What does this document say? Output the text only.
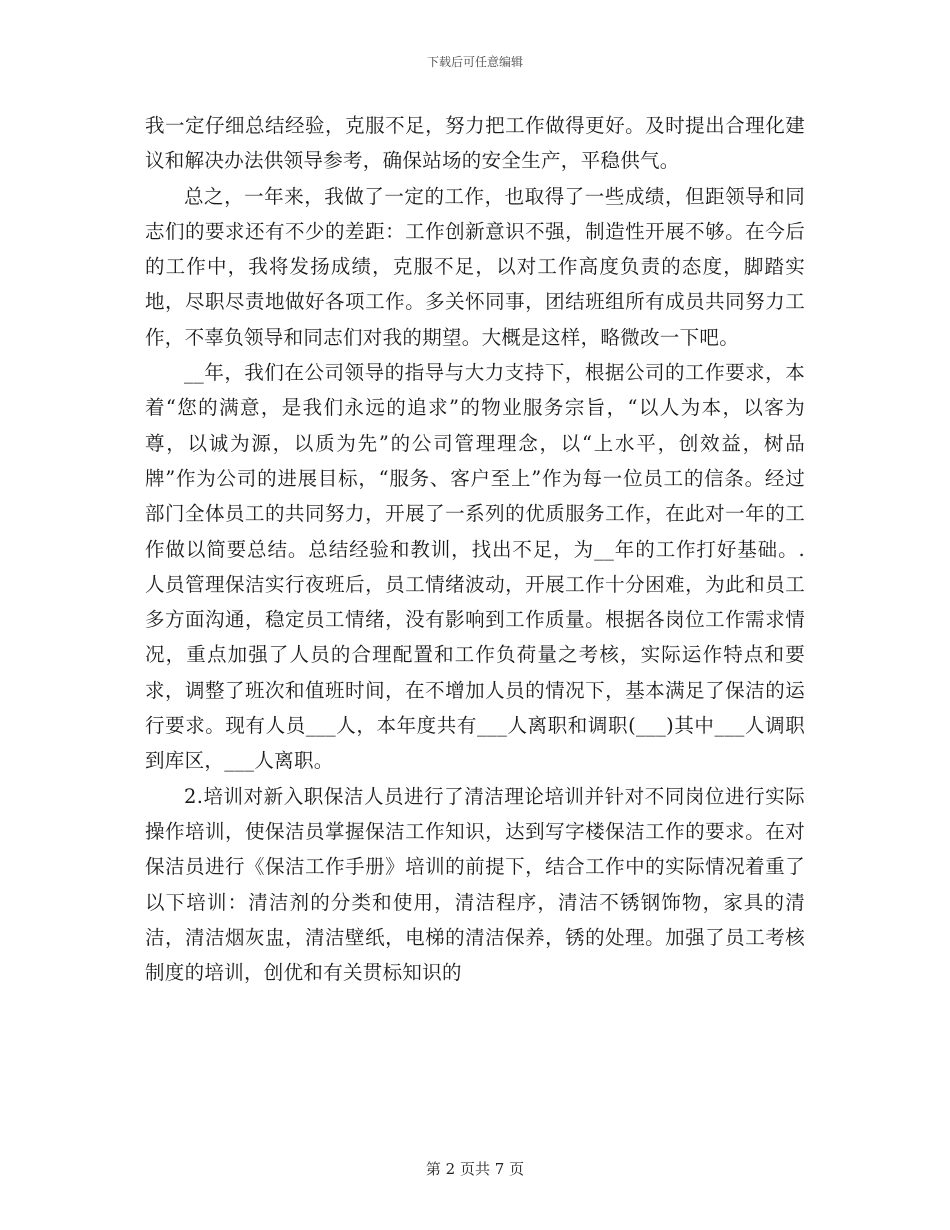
下载后可任意编辑

我一定仔细总结经验，克服不足，努力把工作做得更好。及时提出合理化建议和解决办法供领导参考，确保站场的安全生产，平稳供气。

总之，一年来，我做了一定的工作，也取得了一些成绩，但距领导和同志们的要求还有不少的差距：工作创新意识不强，制造性开展不够。在今后的工作中，我将发扬成绩，克服不足，以对工作高度负责的态度，脚踏实地，尽职尽责地做好各项工作。多关怀同事，团结班组所有成员共同努力工作，不辜负领导和同志们对我的期望。大概是这样，略微改一下吧。

__年，我们在公司领导的指导与大力支持下，根据公司的工作要求，本着“您的满意，是我们永远的追求”的物业服务宗旨，“以人为本，以客为尊，以诚为源，以质为先”的公司管理理念，以“上水平，创效益，树品牌”作为公司的进展目标，“服务、客户至上”作为每一位员工的信条。经过部门全体员工的共同努力，开展了一系列的优质服务工作，在此对一年的工作做以简要总结。总结经验和教训，找出不足，为__年的工作打好基础。.人员管理保洁实行夜班后，员工情绪波动，开展工作十分困难，为此和员工多方面沟通，稳定员工情绪，没有影响到工作质量。根据各岗位工作需求情况，重点加强了人员的合理配置和工作负荷量之考核，实际运作特点和要求，调整了班次和值班时间，在不增加人员的情况下，基本满足了保洁的运行要求。现有人员___人，本年度共有___人离职和调职(___)其中___人调职到库区，___人离职。

2.培训对新入职保洁人员进行了清洁理论培训并针对不同岗位进行实际操作培训，使保洁员掌握保洁工作知识，达到写字楼保洁工作的要求。在对保洁员进行《保洁工作手册》培训的前提下，结合工作中的实际情况着重了以下培训：清洁剂的分类和使用，清洁程序，清洁不锈钢饰物，家具的清洁，清洁烟灰盅，清洁壁纸，电梯的清洁保养，锈的处理。加强了员工考核制度的培训，创优和有关贯标知识的

第 2 页共 7 页
